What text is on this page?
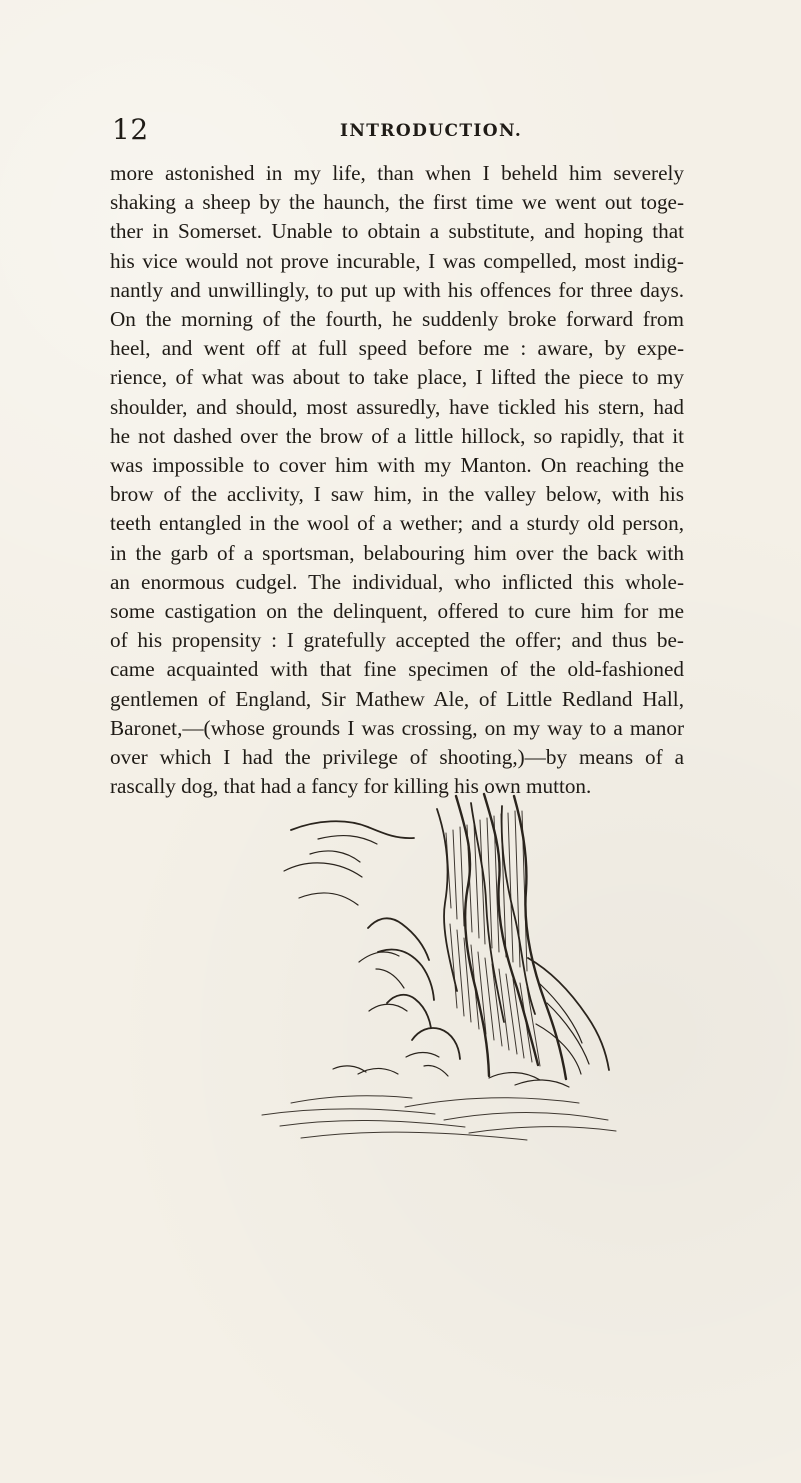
12	INTRODUCTION.
more astonished in my life, than when I beheld him severely
shaking a sheep by the haunch, the first time we went out toge-
ther in Somerset. Unable to obtain a substitute, and hoping that
his vice would not prove incurable, I was compelled, most indig-
nantly and unwillingly, to put up with his offences for three days.
On the morning of the fourth, he suddenly broke forward from
heel, and went off at full speed before me : aware, by expe-
rience, of what was about to take place, I lifted the piece to my
shoulder, and should, most assuredly, have tickled his stern, had
he not dashed over the brow of a little hillock, so rapidly, that it
was impossible to cover him with my Manton. On reaching the
brow of the acclivity, I saw him, in the valley below, with his
teeth entangled in the wool of a wether; and a sturdy old person,
in the garb of a sportsman, belabouring him over the back with
an enormous cudgel. The individual, who inflicted this whole-
some castigation on the delinquent, offered to cure him for me
of his propensity : I gratefully accepted the offer; and thus be-
came acquainted with that fine specimen of the old-fashioned
gentlemen of England, Sir Mathew Ale, of Little Redland Hall,
Baronet,—(whose grounds I was crossing, on my way to a manor
over which I had the privilege of shooting,)—by means of a
rascally dog, that had a fancy for killing his own mutton.
